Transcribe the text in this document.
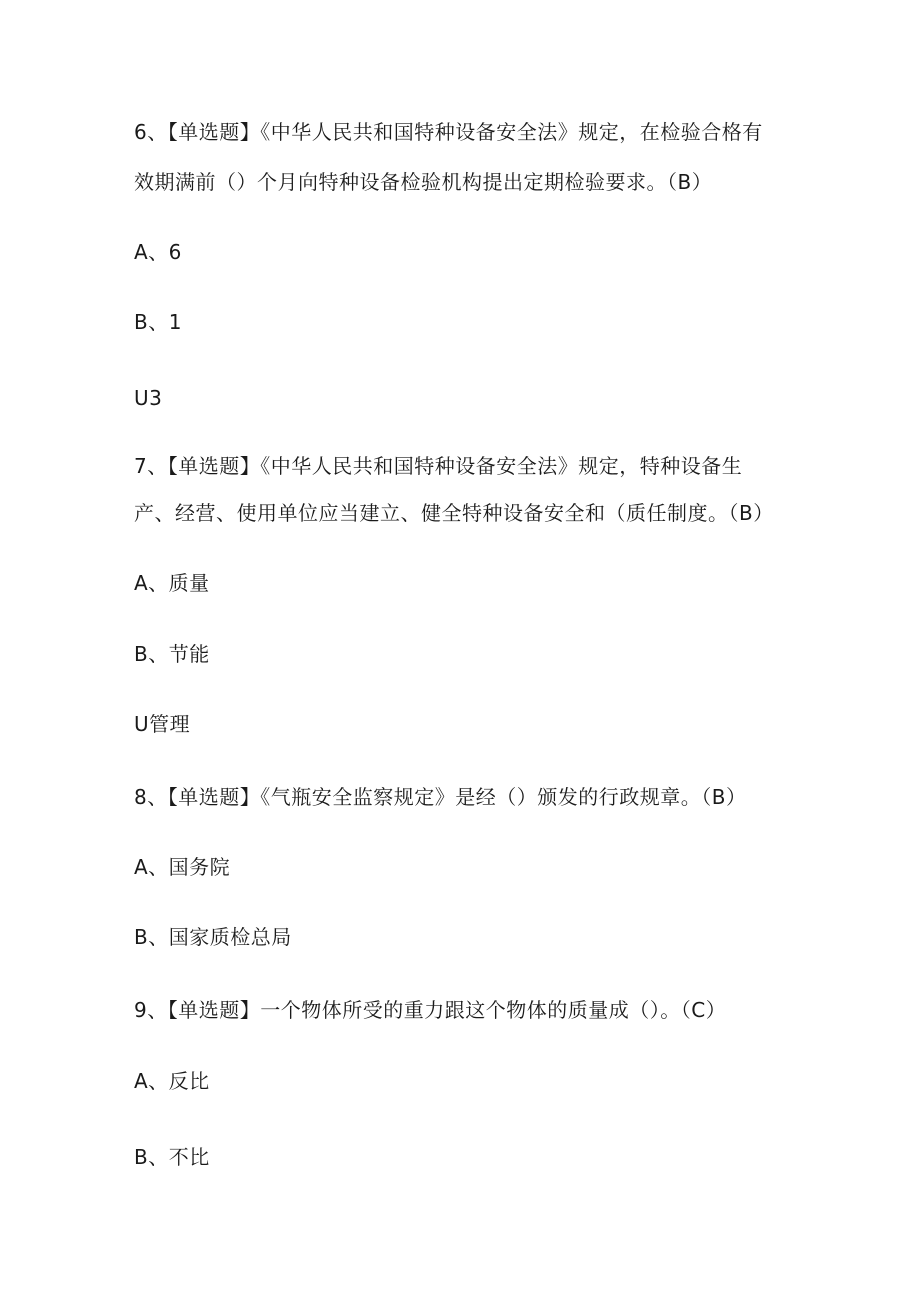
6、【单选题】《中华人民共和国特种设备安全法》规定，在检验合格有
效期满前（）个月向特种设备检验机构提出定期检验要求。（B）
A、6
B、1
U3
7、【单选题】《中华人民共和国特种设备安全法》规定，特种设备生
产、经营、使用单位应当建立、健全特种设备安全和（质任制度。（B）
A、质量
B、节能
U管理
8、【单选题】《气瓶安全监察规定》是经（）颁发的行政规章。（B）
A、国务院
B、国家质检总局
9、【单选题】一个物体所受的重力跟这个物体的质量成（）。（C）
A、反比
B、不比
